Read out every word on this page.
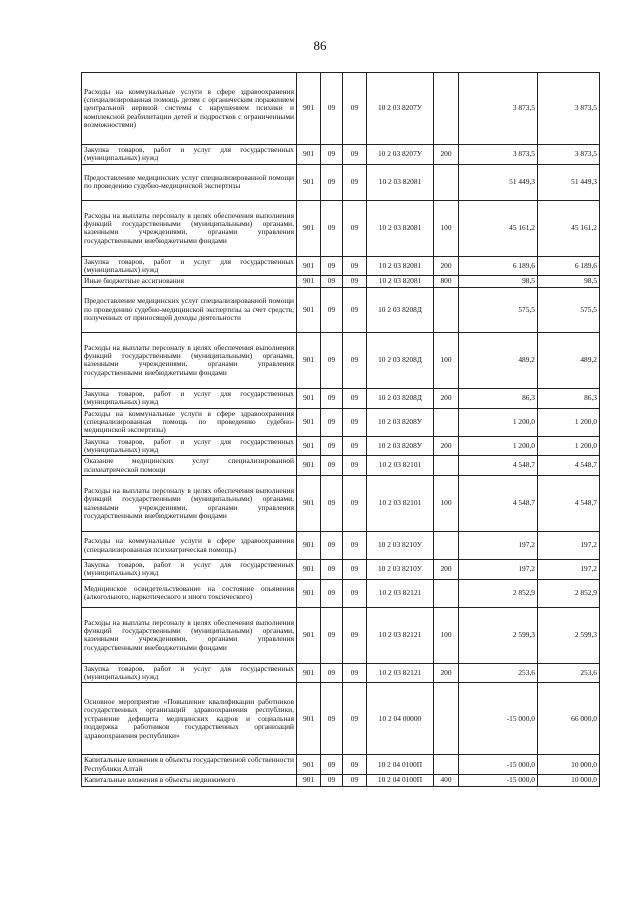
86
Расходы на коммунальные услуги в сфере здравоохранения (специализированная помощь детям с органическим поражением центральной нервной системы с нарушением психики и комплексной реабилитации детей и подростков с ограниченными возможностями)	901	09	09	10 2 03 8207У		3 873,5	3 873,5
Закупка товаров, работ и услуг для государственных (муниципальных) нужд	901	09	09	10 2 03 8207У	200	3 873,5	3 873,5
Предоставление медицинских услуг специализированной помощи по проведению судебно-медицинской экспертизы	901	09	09	10 2 03 82081		51 449,3	51 449,3
Расходы на выплаты персоналу в целях обеспечения выполнения функций государственными (муниципальными) органами, казенными учреждениями, органами управления государственными внебюджетными фондами	901	09	09	10 2 03 82081	100	45 161,2	45 161,2
Закупка товаров, работ и услуг для государственных (муниципальных) нужд	901	09	09	10 2 03 82081	200	6 189,6	6 189,6
Иные бюджетные ассигнования	901	09	09	10 2 03 82081	800	98,5	98,5
Предоставление медицинских услуг специализированной помощи по проведению судебно-медицинской экспертизы за счет средств, полученных от приносящей доходы деятельности	901	09	09	10 2 03 8208Д		575,5	575,5
Расходы на выплаты персоналу в целях обеспечения выполнения функций государственными (муниципальными) органами, казенными учреждениями, органами управления государственными внебюджетными фондами	901	09	09	10 2 03 8208Д	100	489,2	489,2
Закупка товаров, работ и услуг для государственных (муниципальных) нужд	901	09	09	10 2 03 8208Д	200	86,3	86,3
Расходы на коммунальные услуги в сфере здравоохранения (специализированная помощь по проведению судебно-медицинской экспертизы)	901	09	09	10 2 03 8208У		1 200,0	1 200,0
Закупка товаров, работ и услуг для государственных (муниципальных) нужд	901	09	09	10 2 03 8208У	200	1 200,0	1 200,0
Оказание медицинских услуг специализированной психиатрической помощи	901	09	09	10 2 03 82101		4 548,7	4 548,7
Расходы на выплаты персоналу в целях обеспечения выполнения функций государственными (муниципальными) органами, казенными учреждениями, органами управления государственными внебюджетными фондами	901	09	09	10 2 03 82101	100	4 548,7	4 548,7
Расходы на коммунальные услуги в сфере здравоохранения (специализированная психиатрическая помощь)	901	09	09	10 2 03 8210У		197,2	197,2
Закупка товаров, работ и услуг для государственных (муниципальных) нужд	901	09	09	10 2 03 8210У	200	197,2	197,2
Медицинское освидетельствование на состояние опьянения (алкогольного, наркотического и иного токсического)	901	09	09	10 2 03 82121		2 852,9	2 852,9
Расходы на выплаты персоналу в целях обеспечения выполнения функций государственными (муниципальными) органами, казенными учреждениями, органами управления государственными внебюджетными фондами	901	09	09	10 2 03 82121	100	2 599,3	2 599,3
Закупка товаров, работ и услуг для государственных (муниципальных) нужд	901	09	09	10 2 03 82121	200	253,6	253,6
Основное мероприятие «Повышение квалификации работников государственных организаций здравоохранения республики, устранение дефицита медицинских кадров и социальная поддержка работников государственных организаций здравоохранения республики»	901	09	09	10 2 04 00000		-15 000,0	66 000,0
Капитальные вложения в объекты государственной собственности Республики Алтай	901	09	09	10 2 04 0100П		-15 000,0	10 000,0
Капитальные вложения в объекты недвижимого	901	09	09	10 2 04 0100П	400	-15 000,0	10 000,0
